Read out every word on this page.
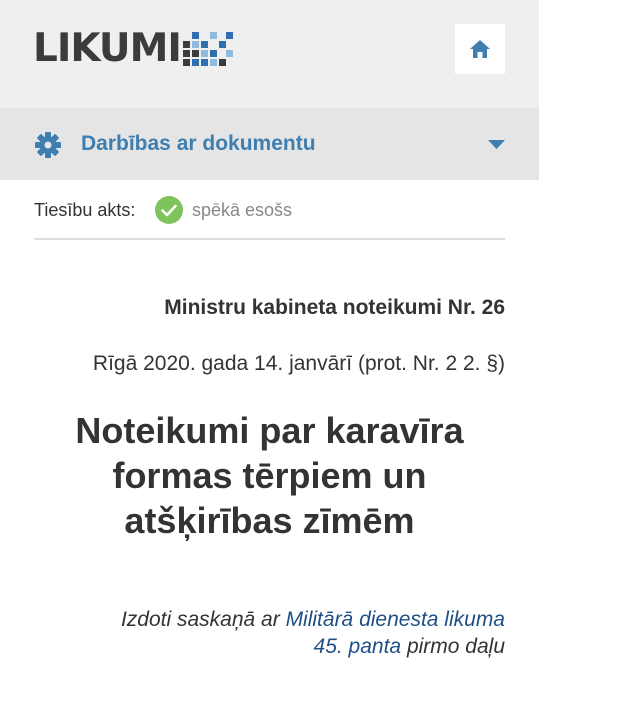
LIKUMI
Darbības ar dokumentu
Tiesību akts:	spēkā esošs
Ministru kabineta noteikumi Nr. 26
Rīgā 2020. gada 14. janvārī (prot. Nr. 2 2. §)
Noteikumi par karavīra
formas tērpiem un
atšķirības zīmēm
Izdoti saskaņā ar Militārā dienesta likuma
45. panta pirmo daļu
